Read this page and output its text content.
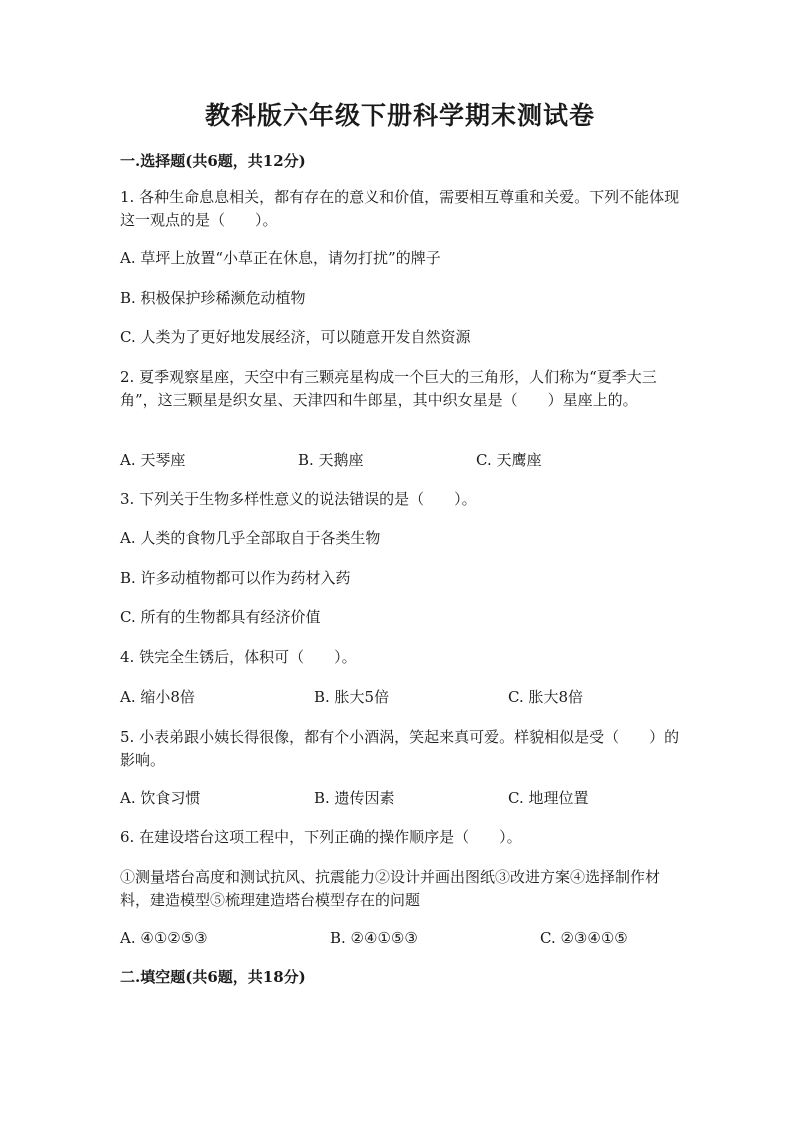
教科版六年级下册科学期末测试卷
一.选择题(共6题，共12分)
1. 各种生命息息相关，都有存在的意义和价值，需要相互尊重和关爱。下列不能体现这一观点的是（　　）。
A. 草坪上放置“小草正在休息，请勿打扰”的牌子
B. 积极保护珍稀濒危动植物
C. 人类为了更好地发展经济，可以随意开发自然资源
2. 夏季观察星座，天空中有三颗亮星构成一个巨大的三角形，人们称为“夏季大三角”，这三颗星是织女星、天津四和牛郎星，其中织女星是（　　）星座上的。
A. 天琴座	B. 天鹅座	C. 天鹰座
3. 下列关于生物多样性意义的说法错误的是（　　）。
A. 人类的食物几乎全部取自于各类生物
B. 许多动植物都可以作为药材入药
C. 所有的生物都具有经济价值
4. 铁完全生锈后，体积可（　　）。
A. 缩小8倍	B. 胀大5倍	C. 胀大8倍
5. 小表弟跟小姨长得很像，都有个小酒涡，笑起来真可爱。样貌相似是受（　　）的影响。
A. 饮食习惯	B. 遗传因素	C. 地理位置
6. 在建设塔台这项工程中，下列正确的操作顺序是（　　）。
①测量塔台高度和测试抗风、抗震能力②设计并画出图纸③改进方案④选择制作材料，建造模型⑤梳理建造塔台模型存在的问题
A. ④①②⑤③	B. ②④①⑤③	C. ②③④①⑤
二.填空题(共6题，共18分)
